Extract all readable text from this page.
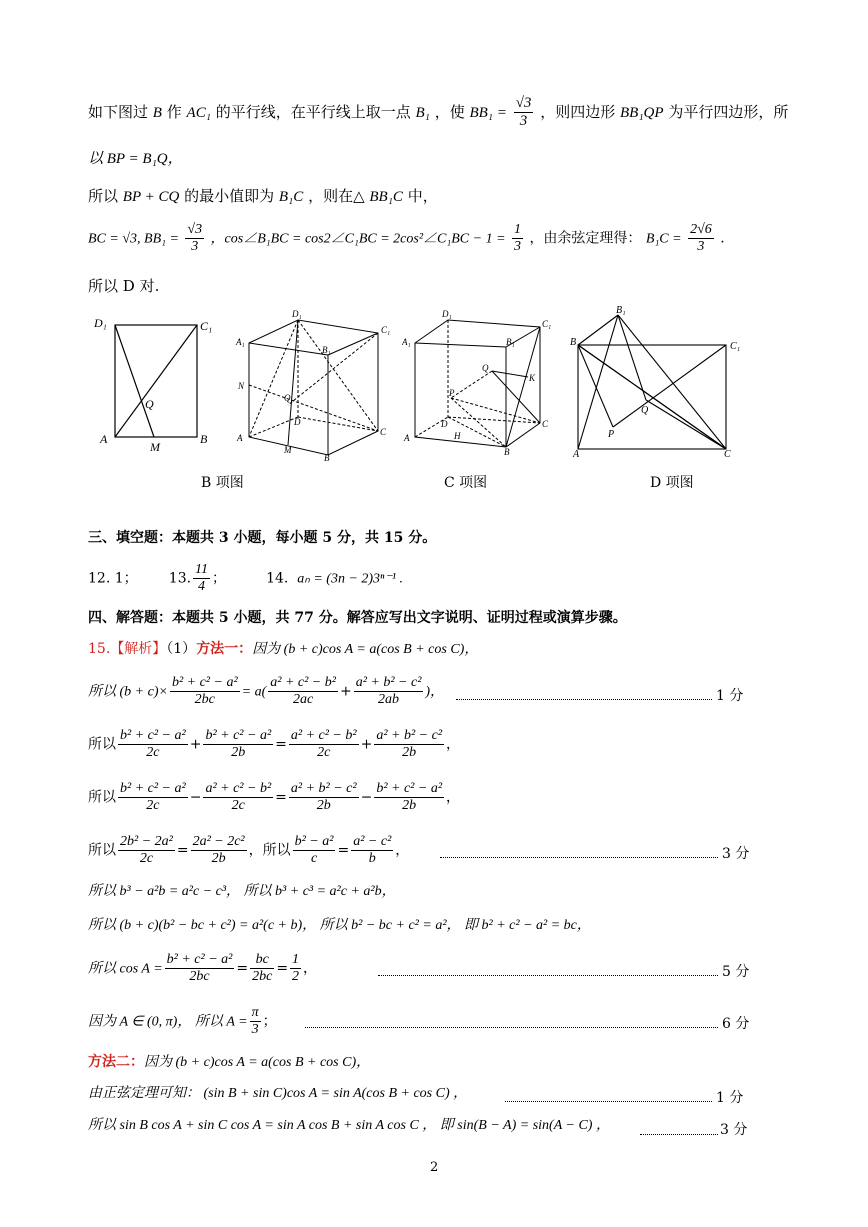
如下图过 B 作 AC₁ 的平行线，在平行线上取一点 B₁ ，使 $BB_1 = \frac{√3}{3}$ ，则四边形 BB₁QP 为平行四边形，所
以 BP = B₁Q，
所以 BP + CQ 的最小值即为 B₁C ，则在△ BB₁C 中，
BC = √3, $BB_1 = \frac{√3}{3}$ ，cos∠B₁BC = cos2∠C₁BC = 2cos²∠C₁BC − $1 = \frac{1}{3}$ ，由余弦定理得： $B_1C = \frac{2√6}{3}$ .
所以 D 对.
D₁	C₁
Q
A
M
B
D₁
C₁
A₁
B₁
N
Q
D
A
M
B
C
D₁
C₁
A₁	B₁
Q
K
P
D
A	H
B
C
B₁
B	C₁
Q
P
A	C
B 项图	C 项图	D 项图
三、填空题：本题共 3 小题，每小题 5 分，共 15 分。
12. 1； 13. $\frac{11}{4}$ ；	14. aₙ = (3n − 2)3ⁿ⁻¹ .
四、解答题：本题共 5 小题，共 77 分。解答应写出文字说明、证明过程或演算步骤。
15.【解析】（1）方法一：因为 (b + c)cos A = a(cos B + cos C)，
所以 $(b + c)\times \frac{\text{b² + c² − a²}}{2bc} = a( \frac{\text{a² + c² − b²}}{2ac} + \frac{\text{a² + b² − c²}}{2ab}$ )，	1 分
所以 $\frac{\text{b² + c² − a²}}{2c} + \frac{\text{b² + c² − a²}}{2b} = \frac{\text{a² + c² − b²}}{2c} + \frac{\text{a² + b² − c²}}{2b}$ ，
所以 $\frac{\text{b² + c² − a²}}{2c} - \frac{\text{a² + c² − b²}}{2c} = \frac{\text{a² + b² − c²}}{2b} - \frac{\text{b² + c² − a²}}{2b}$ ，
所以 $\frac{\text{2b² − 2a²}}{2c} = \frac{\text{2a² − 2c²}}{2b}$ ，所以 $\frac{\text{b² − a²}}{c} = \frac{\text{a² − c²}}{b}$ ，	3 分
所以 b³ − a²b = a²c − c³， 所以 b³ + c³ = a²c + a²b，
所以 (b + c)(b² − bc + c²) = a²(c + b)， 所以 b² − bc + c² = a²， 即 b² + c² − a² = bc，
所以 $\cos A = \frac{\text{b² + c² − a²}}{2bc} = \frac{bc}{2bc} = \frac{1}{2}$ ，	5 分
因为 A ∈ (0, π)， 所以 $A = \frac{\pi}{3}$ ；	6 分
方法二：因为 (b + c)cos A = a(cos B + cos C)，
由正弦定理可知： (sin B + sin C)cos A = sin A(cos B + cos C) ，	1 分
所以 sin B cos A + sin C cos A = sin A cos B + sin A cos C ， 即 sin(B − A) = sin(A − C) ，	3 分
2
